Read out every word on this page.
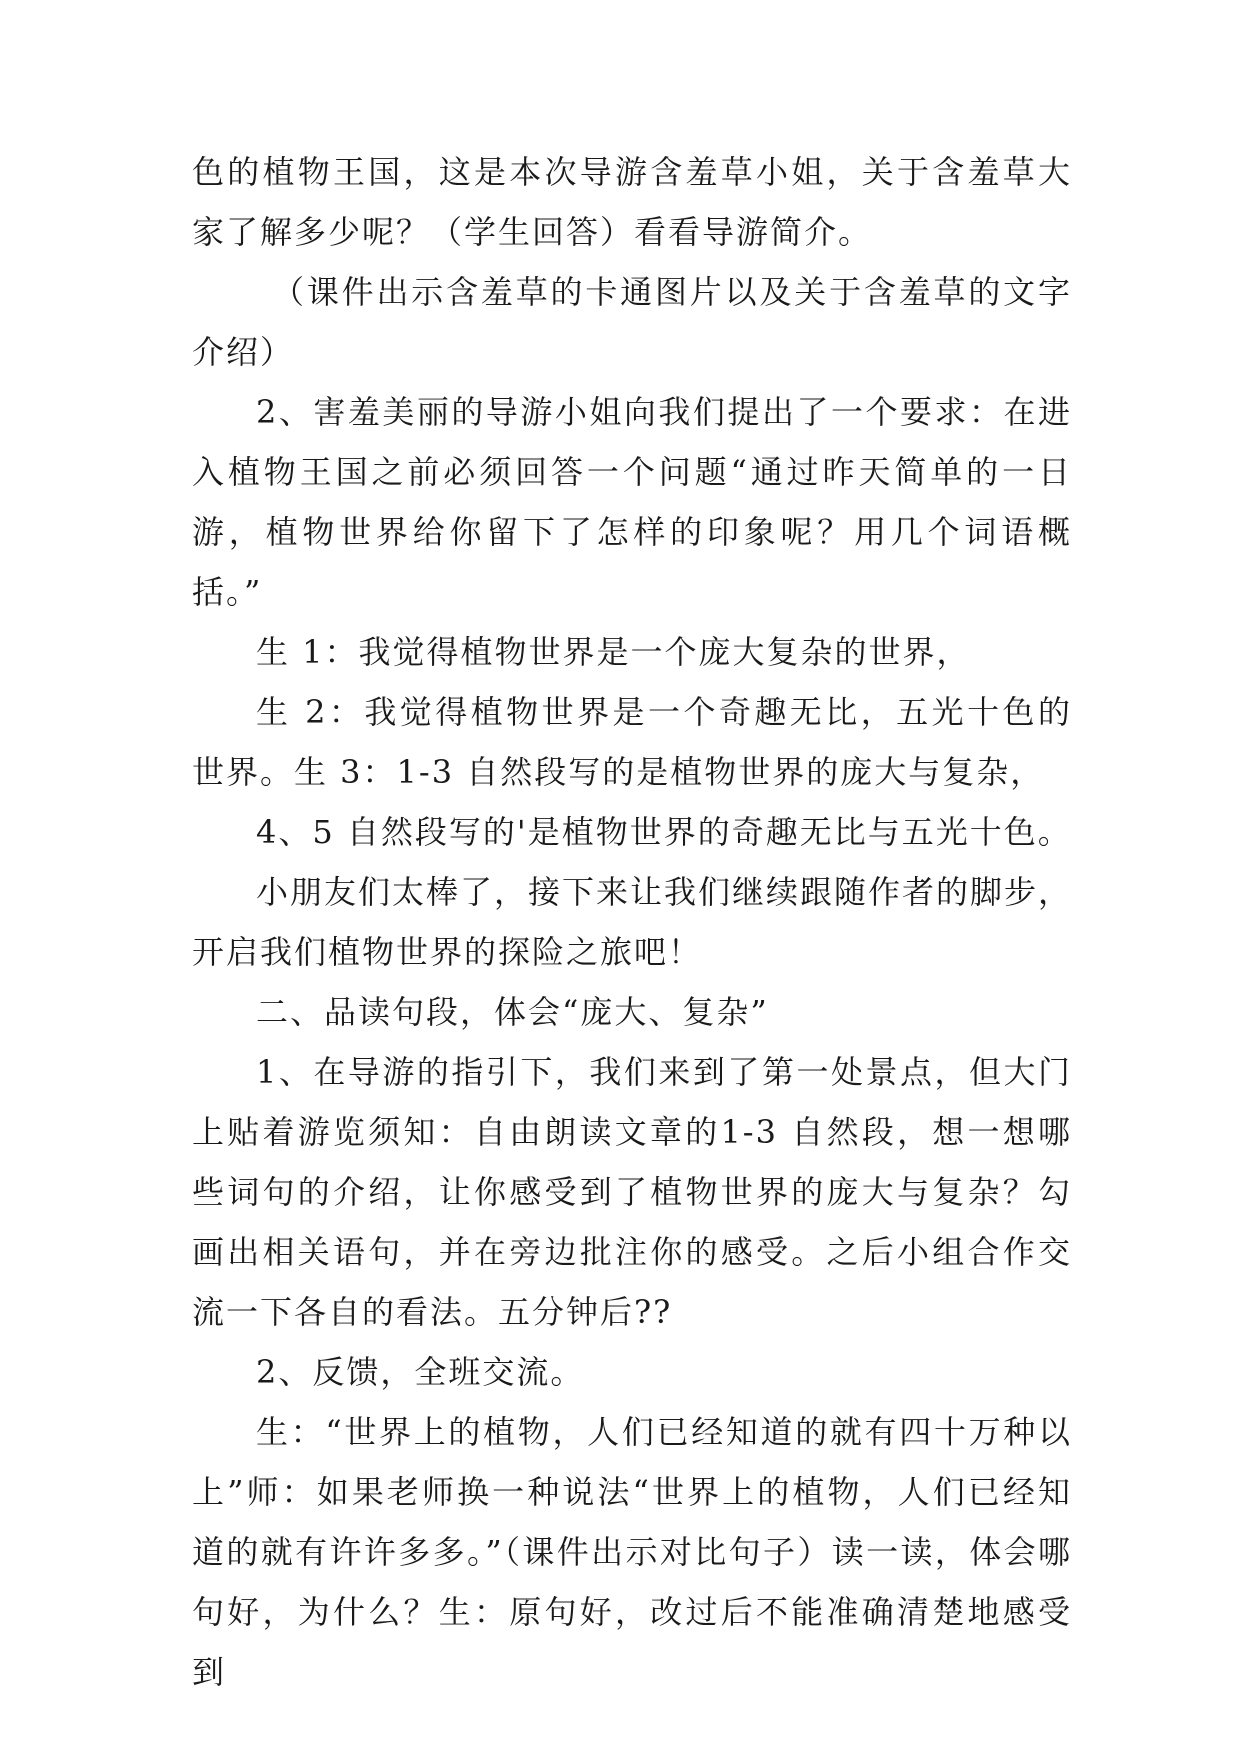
色的植物王国，这是本次导游含羞草小姐，关于含羞草大家了解多少呢？（学生回答）看看导游简介。

（课件出示含羞草的卡通图片以及关于含羞草的文字介绍）

2、害羞美丽的导游小姐向我们提出了一个要求：在进入植物王国之前必须回答一个问题“通过昨天简单的一日游，植物世界给你留下了怎样的印象呢？用几个词语概括。”

生 1：我觉得植物世界是一个庞大复杂的世界，

生 2：我觉得植物世界是一个奇趣无比，五光十色的世界。生 3：1-3 自然段写的是植物世界的庞大与复杂，

4、5 自然段写的'是植物世界的奇趣无比与五光十色。

小朋友们太棒了，接下来让我们继续跟随作者的脚步，开启我们植物世界的探险之旅吧！

二、品读句段，体会“庞大、复杂”

1、在导游的指引下，我们来到了第一处景点，但大门上贴着游览须知：自由朗读文章的1-3 自然段，想一想哪些词句的介绍，让你感受到了植物世界的庞大与复杂？勾画出相关语句，并在旁边批注你的感受。之后小组合作交流一下各自的看法。五分钟后??

2、反馈，全班交流。

生：“世界上的植物，人们已经知道的就有四十万种以上”师：如果老师换一种说法“世界上的植物，人们已经知道的就有许许多多。”（课件出示对比句子）读一读，体会哪句好，为什么？生：原句好，改过后不能准确清楚地感受到
